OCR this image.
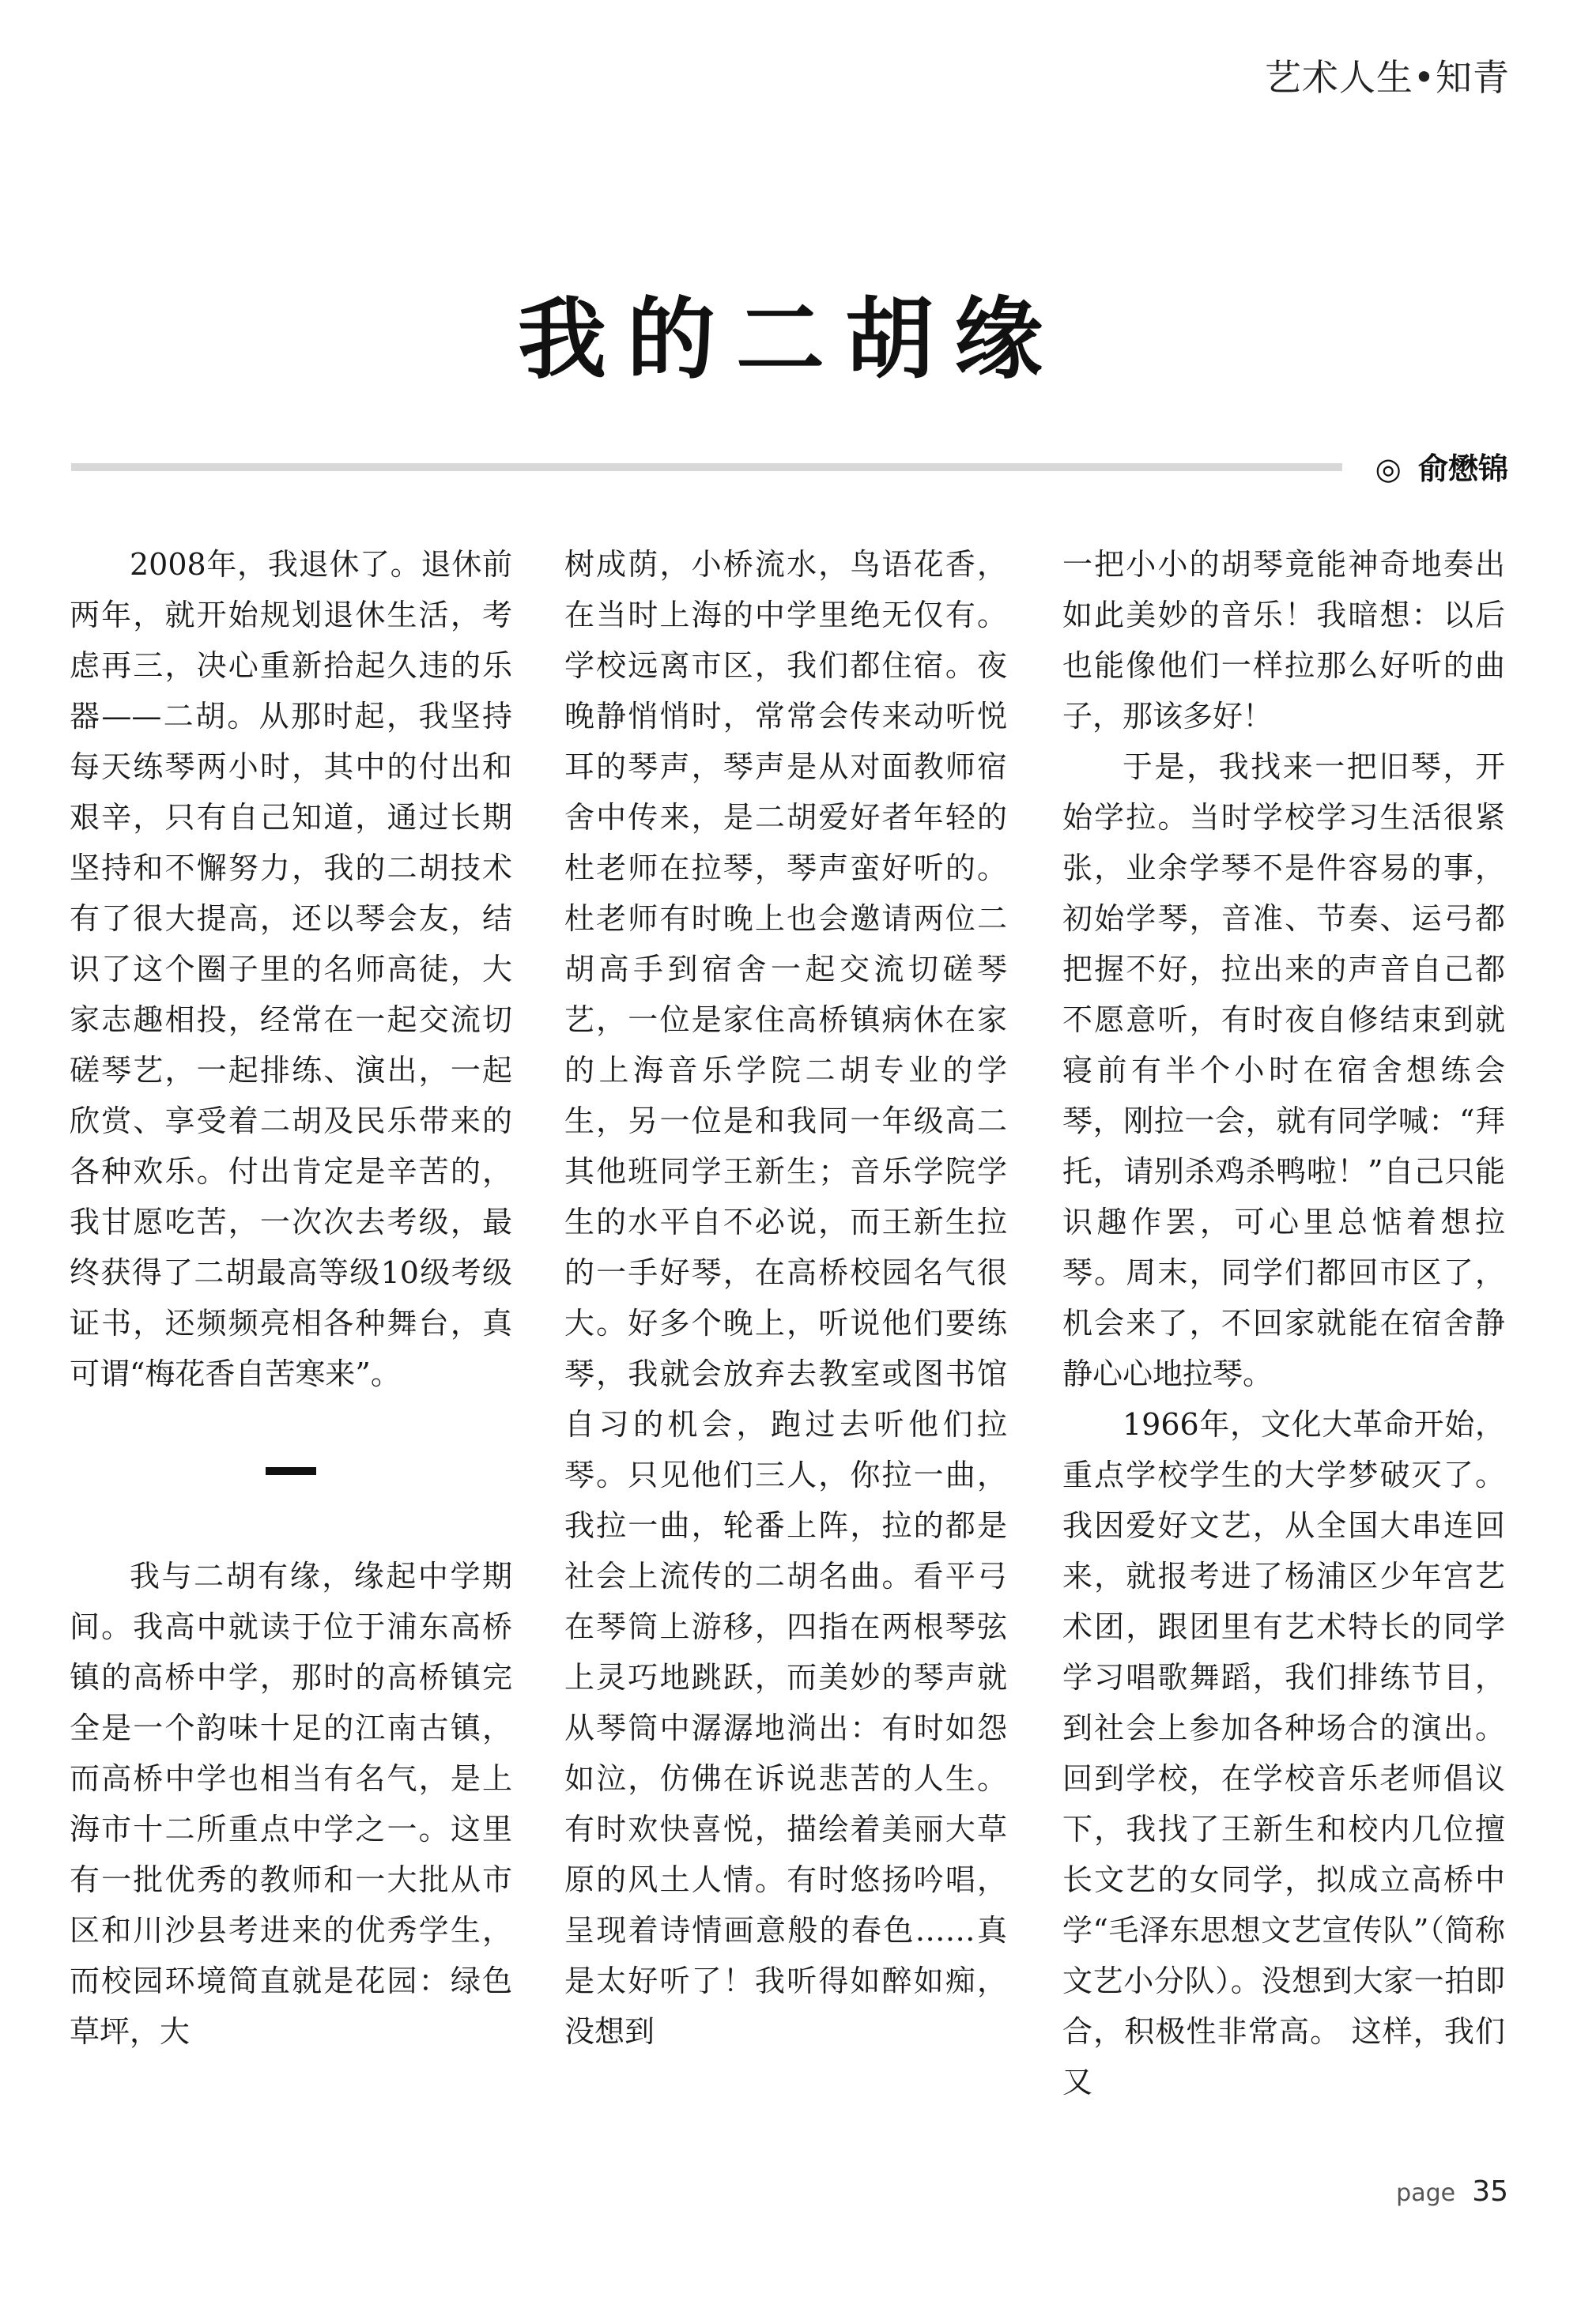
艺术人生•知青
我的二胡缘
◎ 俞懋锦

2008年，我退休了。退休前两年，就开始规划退休生活，考虑再三，决心重新拾起久违的乐器——二胡。从那时起，我坚持每天练琴两小时，其中的付出和艰辛，只有自己知道，通过长期坚持和不懈努力，我的二胡技术有了很大提高，还以琴会友，结识了这个圈子里的名师高徒，大家志趣相投，经常在一起交流切磋琴艺，一起排练、演出，一起欣赏、享受着二胡及民乐带来的各种欢乐。付出肯定是辛苦的，我甘愿吃苦，一次次去考级，最终获得了二胡最高等级10级考级证书，还频频亮相各种舞台，真可谓“梅花香自苦寒来”。

我与二胡有缘，缘起中学期间。我高中就读于位于浦东高桥镇的高桥中学，那时的高桥镇完全是一个韵味十足的江南古镇，而高桥中学也相当有名气，是上海市十二所重点中学之一。这里有一批优秀的教师和一大批从市区和川沙县考进来的优秀学生，而校园环境简直就是花园：绿色草坪，大

树成荫，小桥流水，鸟语花香，在当时上海的中学里绝无仅有。学校远离市区，我们都住宿。夜晚静悄悄时，常常会传来动听悦耳的琴声，琴声是从对面教师宿舍中传来，是二胡爱好者年轻的杜老师在拉琴，琴声蛮好听的。杜老师有时晚上也会邀请两位二胡高手到宿舍一起交流切磋琴艺，一位是家住高桥镇病休在家的上海音乐学院二胡专业的学生，另一位是和我同一年级高二其他班同学王新生；音乐学院学生的水平自不必说，而王新生拉的一手好琴，在高桥校园名气很大。好多个晚上，听说他们要练琴，我就会放弃去教室或图书馆自习的机会，跑过去听他们拉琴。只见他们三人，你拉一曲，我拉一曲，轮番上阵，拉的都是社会上流传的二胡名曲。看平弓在琴筒上游移，四指在两根琴弦上灵巧地跳跃，而美妙的琴声就从琴筒中潺潺地淌出：有时如怨如泣，仿佛在诉说悲苦的人生。有时欢快喜悦，描绘着美丽大草原的风土人情。有时悠扬吟唱，呈现着诗情画意般的春色……真是太好听了！我听得如醉如痴，没想到

一把小小的胡琴竟能神奇地奏出如此美妙的音乐！我暗想：以后也能像他们一样拉那么好听的曲子，那该多好！

于是，我找来一把旧琴，开始学拉。当时学校学习生活很紧张，业余学琴不是件容易的事，初始学琴，音准、节奏、运弓都把握不好，拉出来的声音自己都不愿意听，有时夜自修结束到就寝前有半个小时在宿舍想练会琴，刚拉一会，就有同学喊：“拜托，请别杀鸡杀鸭啦！”自己只能识趣作罢，可心里总惦着想拉琴。周末，同学们都回市区了，机会来了，不回家就能在宿舍静静心心地拉琴。

1966年，文化大革命开始，重点学校学生的大学梦破灭了。我因爱好文艺，从全国大串连回来，就报考进了杨浦区少年宫艺术团，跟团里有艺术特长的同学学习唱歌舞蹈，我们排练节目，到社会上参加各种场合的演出。回到学校，在学校音乐老师倡议下，我找了王新生和校内几位擅长文艺的女同学，拟成立高桥中学“毛泽东思想文艺宣传队”（简称文艺小分队）。没想到大家一拍即合，积极性非常高。 这样，我们又

page 35
